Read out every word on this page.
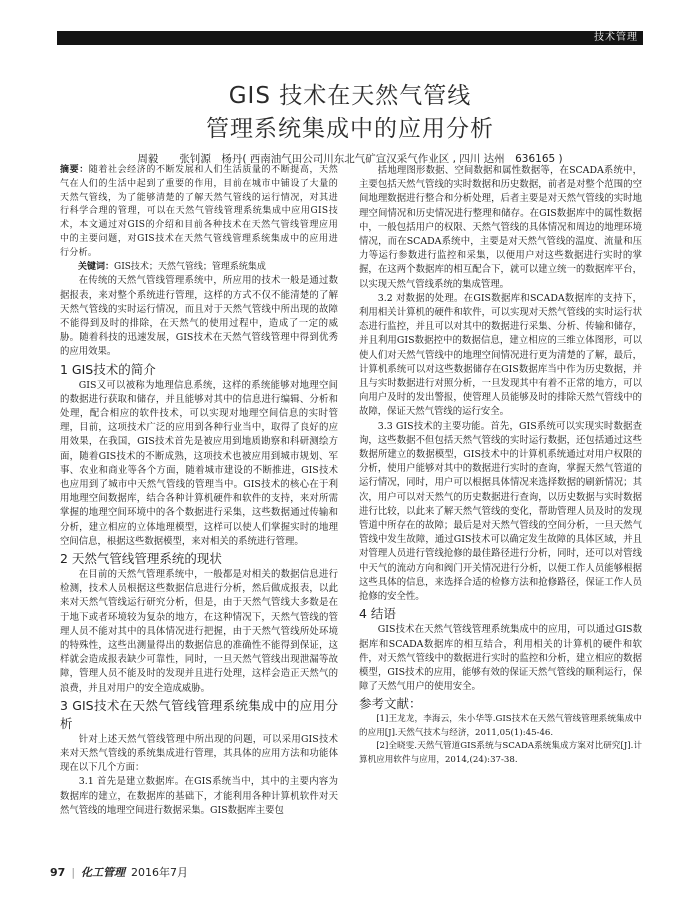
技术管理
GIS 技术在天然气管线
管理系统集成中的应用分析
周毅　　张钊源　杨丹( 西南油气田公司川东北气矿宣汉采气作业区 , 四川 达州　636165 )

摘要：随着社会经济的不断发展和人们生活质量的不断提高，天然气在人们的生活中起到了重要的作用，目前在城市中铺设了大量的天然气管线，为了能够清楚的了解天然气管线的运行情况，对其进行科学合理的管理，可以在天然气管线管理系统集成中应用GIS技术，本文通过对GIS的介绍和目前各种技术在天然气管线管理应用中的主要问题，对GIS技术在天然气管线管理系统集成中的应用进行分析。

关键词：GIS技术；天然气管线；管理系统集成

在传统的天然气管线管理系统中，所应用的技术一般是通过数据报表，来对整个系统进行管理，这样的方式不仅不能清楚的了解天然气管线的实时运行情况，而且对于天然气管线中所出现的故障不能得到及时的排除，在天然气的使用过程中，造成了一定的威胁。随着科技的迅速发展，GIS技术在天然气管线管理中得到优秀的应用效果。

1 GIS技术的简介

GIS又可以被称为地理信息系统，这样的系统能够对地理空间的数据进行获取和储存，并且能够对其中的信息进行编辑、分析和处理，配合相应的软件技术，可以实现对地理空间信息的实时管理，目前，这项技术广泛的应用到各种行业当中，取得了良好的应用效果，在我国，GIS技术首先是被应用到地质勘察和科研测绘方面，随着GIS技术的不断成熟，这项技术也被应用到城市规划、军事、农业和商业等各个方面，随着城市建设的不断推进，GIS技术也应用到了城市中天然气管线的管理当中。GIS技术的核心在于利用地理空间数据库，结合各种计算机硬件和软件的支持，来对所需掌握的地理空间环境中的各个数据进行采集，这些数据通过传输和分析，建立相应的立体地理模型，这样可以使人们掌握实时的地理空间信息，根据这些数据模型，来对相关的系统进行管理。

2 天然气管线管理系统的现状

在目前的天然气管理系统中，一般都是对相关的数据信息进行检测，技术人员根据这些数据信息进行分析，然后做成报表，以此来对天然气管线运行研究分析，但是，由于天然气管线大多数是在于地下或者环境较为复杂的地方，在这种情况下，天然气管线的管理人员不能对其中的具体情况进行把握，由于天然气管线所处环境的特殊性，这些出测量得出的数据信息的准确性不能得到保证，这样就会造成报表缺少可靠性，同时，一旦天然气管线出现泄漏等故障，管理人员不能及时的发现并且进行处理，这样会造正天然气的浪费，并且对用户的安全造成威胁。

3 GIS技术在天然气管线管理系统集成中的应用分析

针对上述天然气管线管理中所出现的问题，可以采用GIS技术来对天然气管线的系统集成进行管理，其具体的应用方法和功能体现在以下几个方面：

3.1 首先是建立数据库。在GIS系统当中，其中的主要内容为数据库的建立，在数据库的基础下，才能利用各种计算机软件对天然气管线的地理空间进行数据采集。GIS数据库主要包

括地理图形数据、空间数据和属性数据等，在SCADA系统中，主要包括天然气管线的实时数据和历史数据，前者是对整个范围的空间地理数据进行整合和分析处理，后者主要是对天然气管线的实时地理空间情况和历史情况进行整理和储存。在GIS数据库中的属性数据中，一般包括用户的权限、天然气管线的具体情况和周边的地理环境情况，而在SCADA系统中，主要是对天然气管线的温度、流量和压力等运行参数进行监控和采集，以便用户对这些数据进行实时的掌握，在这两个数据库的相互配合下，就可以建立统一的数据库平台，以实现天然气管线系统的集成管理。

3.2 对数据的处理。在GIS数据库和SCADA数据库的支持下，利用相关计算机的硬件和软件，可以实现对天然气管线的实时运行状态进行监控，并且可以对其中的数据进行采集、分析、传输和储存，并且利用GIS数据控中的数据信息，建立相应的三维立体图形，可以使人们对天然气管线中的地理空间情况进行更为清楚的了解，最后，计算机系统可以对这些数据储存在GIS数据库当中作为历史数据，并且与实时数据进行对照分析，一旦发现其中有着不正常的地方，可以向用户及时的发出警报，使管理人员能够及时的排除天然气管线中的故障，保证天然气管线的运行安全。

3.3 GIS技术的主要功能。首先，GIS系统可以实现实时数据查询，这些数据不但包括天然气管线的实时运行数据，还包括通过这些数据所建立的数据模型，GIS技术中的计算机系统通过对用户权限的分析，使用户能够对其中的数据进行实时的查询，掌握天然气管道的运行情况，同时，用户可以根据具体情况来选择数据的刷新情况；其次，用户可以对天然气的历史数据进行查询，以历史数据与实时数据进行比较，以此来了解天然气管线的变化，帮助管理人员及时的发现管道中所存在的故障；最后是对天然气管线的空间分析，一旦天然气管线中发生故障，通过GIS技术可以确定发生故障的具体区域，并且对管理人员进行管线抢修的最佳路径进行分析，同时，还可以对管线中天气的流动方向和阀门开关情况进行分析，以便工作人员能够根据这些具体的信息，来选择合适的检修方法和抢修路径，保证工作人员抢修的安全性。

4 结语

GIS技术在天然气管线管理系统集成中的应用，可以通过GIS数据库和SCADA数据库的相互结合，利用相关的计算机的硬件和软件，对天然气管线中的数据进行实时的监控和分析，建立相应的数据模型，GIS技术的应用，能够有效的保证天然气管线的顺利运行，保障了天然气用户的使用安全。

参考文献：

[1]王龙龙，李海云，朱小华等.GIS技术在天然气管线管理系统集成中的应用[J].天然气技术与经济，2011,05(1):45-46.

[2]全晓雯.天然气管道GIS系统与SCADA系统集成方案对比研究[J].计算机应用软件与应用，2014,(24):37-38.

97 | 化工管理 2016年7月
